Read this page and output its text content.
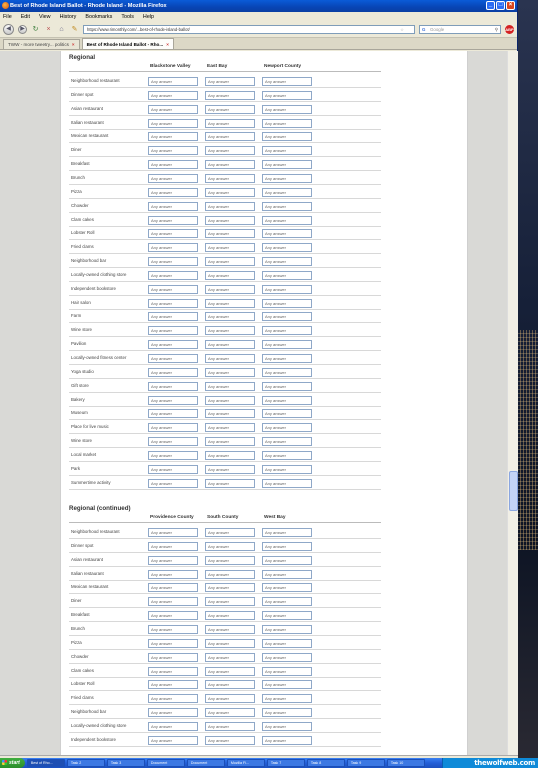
Best of Rhode Island Ballot - Rhode Island - Mozilla Firefox	_	□	×
File Edit View History Bookmarks Tools Help
◀	▶	↻	×	⌂	✎	https://www.rimonthly.com/...best-of-rhode-island-ballot/	☆	G Google	⚲ ABP
TWW - more tweetry... politics ×	Best of Rhode Island Ballot - Rho... ×
Regional
Blackstone Valley	East Bay	Newport County
Neighborhood restaurant	Any answer	Any answer	Any answer
Dinner spot	Any answer	Any answer	Any answer
Asian restaurant	Any answer	Any answer	Any answer
Italian restaurant	Any answer	Any answer	Any answer
Mexican restaurant	Any answer	Any answer	Any answer
Diner	Any answer	Any answer	Any answer
Breakfast	Any answer	Any answer	Any answer
Brunch	Any answer	Any answer	Any answer
Pizza	Any answer	Any answer	Any answer
Chowder	Any answer	Any answer	Any answer
Clam cakes	Any answer	Any answer	Any answer
Lobster Roll	Any answer	Any answer	Any answer
Fried clams	Any answer	Any answer	Any answer
Neighborhood bar	Any answer	Any answer	Any answer
Locally-owned clothing store	Any answer	Any answer	Any answer
Independent bookstore	Any answer	Any answer	Any answer
Hair salon	Any answer	Any answer	Any answer
Farm	Any answer	Any answer	Any answer
Wine store	Any answer	Any answer	Any answer
Pavilion	Any answer	Any answer	Any answer
Locally-owned fitness center	Any answer	Any answer	Any answer
Yoga studio	Any answer	Any answer	Any answer
Gift store	Any answer	Any answer	Any answer
Bakery	Any answer	Any answer	Any answer
Museum	Any answer	Any answer	Any answer
Place for live music	Any answer	Any answer	Any answer
Wine store	Any answer	Any answer	Any answer
Local market	Any answer	Any answer	Any answer
Park	Any answer	Any answer	Any answer
Summertime activity	Any answer	Any answer	Any answer
Regional (continued)
Providence County	South County	West Bay
Neighborhood restaurant	Any answer	Any answer	Any answer
Dinner spot	Any answer	Any answer	Any answer
Asian restaurant	Any answer	Any answer	Any answer
Italian restaurant	Any answer	Any answer	Any answer
Mexican restaurant	Any answer	Any answer	Any answer
Diner	Any answer	Any answer	Any answer
Breakfast	Any answer	Any answer	Any answer
Brunch	Any answer	Any answer	Any answer
Pizza	Any answer	Any answer	Any answer
Chowder	Any answer	Any answer	Any answer
Clam cakes	Any answer	Any answer	Any answer
Lobster Roll	Any answer	Any answer	Any answer
Fried clams	Any answer	Any answer	Any answer
Neighborhood bar	Any answer	Any answer	Any answer
Locally-owned clothing store	Any answer	Any answer	Any answer
Independent bookstore	Any answer	Any answer	Any answer
start	Best of Rho...	Task 2	Task 3	Document	Document	Mozilla Fi...	Task 7	Task 8	Task 9	Task 10	thewolfweb.com
